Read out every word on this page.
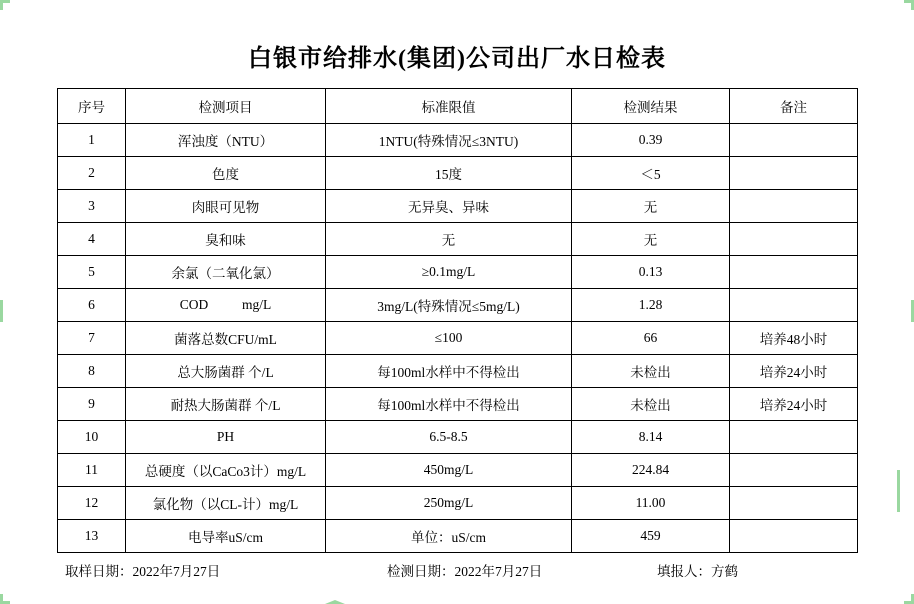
白银市给排水(集团)公司出厂水日检表
序号	检测项目	标准限值	检测结果	备注
1	浑浊度（NTU）	1NTU(特殊情况≤3NTU)	0.39	
2	色度	15度	＜5	
3	肉眼可见物	无异臭、异味	无	
4	臭和味	无	无	
5	余氯（二氧化氯）	≥0.1mg/L	0.13	
6	COD          mg/L	3mg/L(特殊情况≤5mg/L)	1.28	
7	菌落总数CFU/mL	≤100	66	培养48小时
8	总大肠菌群 个/L	每100ml水样中不得检出	未检出	培养24小时
9	耐热大肠菌群 个/L	每100ml水样中不得检出	未检出	培养24小时
10	PH	6.5-8.5	8.14	
11	总硬度（以CaCo3计）mg/L	450mg/L	224.84	
12	氯化物（以CL-计）mg/L	250mg/L	11.00	
13	电导率uS/cm	单位：uS/cm	459	
取样日期：2022年7月27日	检测日期：2022年7月27日	填报人：方鹤
